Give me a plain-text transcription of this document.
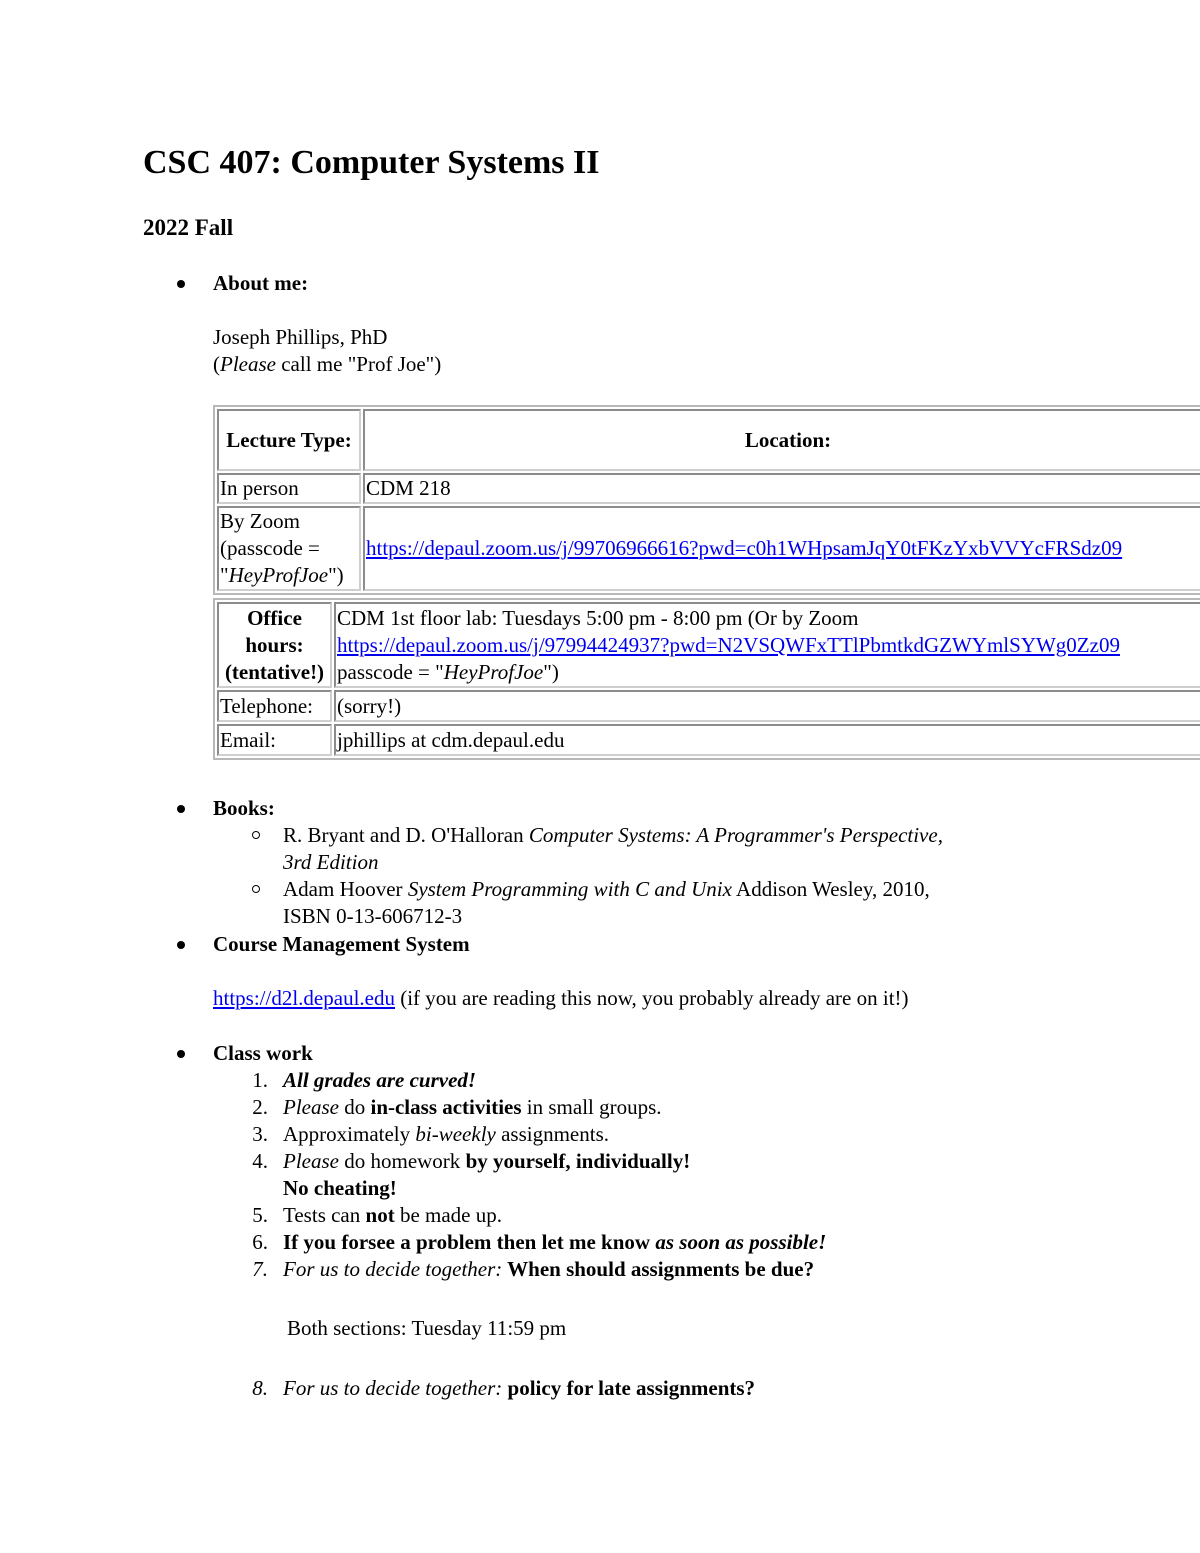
CSC 407: Computer Systems II
2022 Fall
About me:
Joseph Phillips, PhD
(Please call me "Prof Joe")
Lecture Type:	Location:
In person	CDM 218

By Zoom
(passcode =
"HeyProfJoe")	https://depaul.zoom.us/j/99706966616?pwd=c0h1WHpsamJqY0tFKzYxbVVYcFRSdz09
Office hours: (tentative!)	CDM 1st floor lab: Tuesdays 5:00 pm - 8:00 pm (Or by Zoom
https://depaul.zoom.us/j/97994424937?pwd=N2VSQWFxTTlPbmtkdGZWYmlSYWg0Zz09
passcode = "HeyProfJoe")

Telephone:	(sorry!)
Email:	jphillips at cdm.depaul.edu
Books:
R. Bryant and D. O'Halloran Computer Systems: A Programmer's Perspective,
3rd Edition
Adam Hoover System Programming with C and Unix Addison Wesley, 2010,
ISBN 0-13-606712-3
Course Management System
https://d2l.depaul.edu (if you are reading this now, you probably already are on it!)
Class work
1. All grades are curved!
2. Please do in-class activities in small groups.
3. Approximately bi-weekly assignments.
4. Please do homework by yourself, individually!
No cheating!
5. Tests can not be made up.
6. If you forsee a problem then let me know as soon as possible!
7. For us to decide together: When should assignments be due?
Both sections: Tuesday 11:59 pm
8. For us to decide together: policy for late assignments?
